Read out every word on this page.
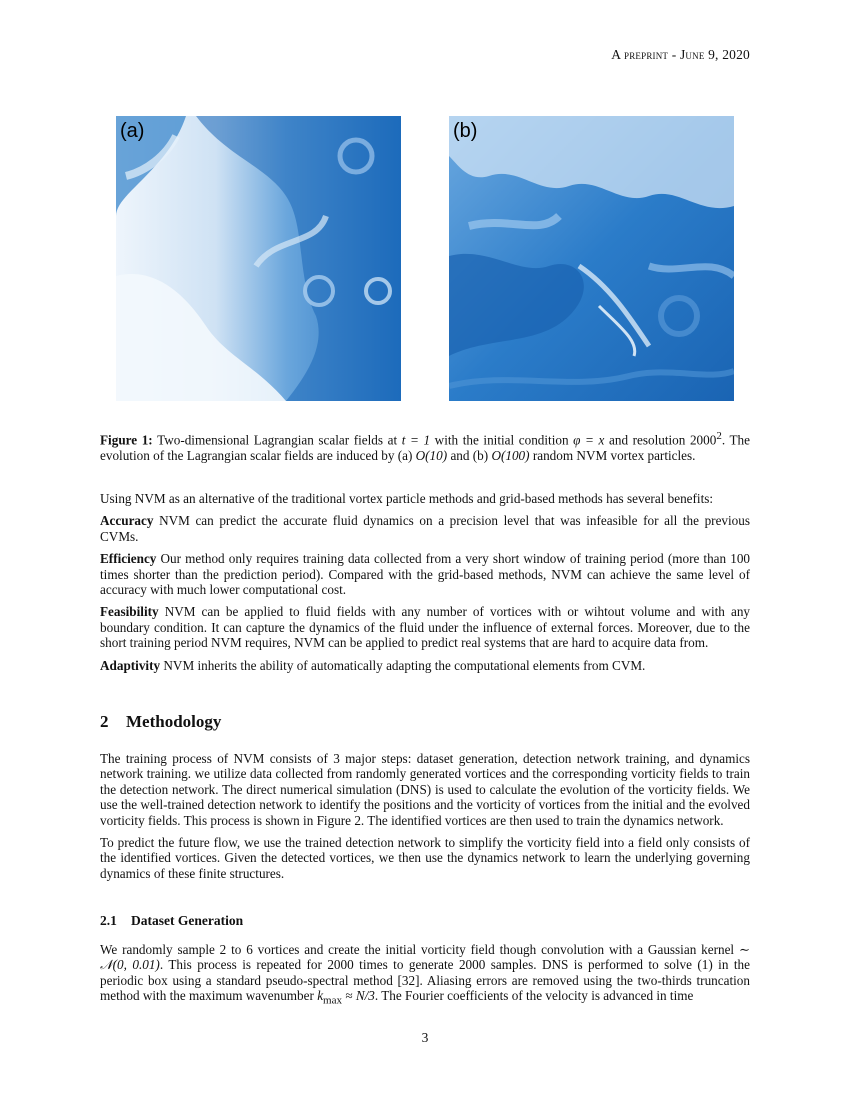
A preprint - June 9, 2020
(a)	(b)
Figure 1: Two-dimensional Lagrangian scalar fields at t = 1 with the initial condition φ = x and resolution 2000$^2$. The evolution of the Lagrangian scalar fields are induced by (a) O(10) and (b) O(100) random NVM vortex particles.

Using NVM as an alternative of the traditional vortex particle methods and grid-based methods has several benefits:

Accuracy NVM can predict the accurate fluid dynamics on a precision level that was infeasible for all the previous CVMs.

Efficiency Our method only requires training data collected from a very short window of training period (more than 100 times shorter than the prediction period). Compared with the grid-based methods, NVM can achieve the same level of accuracy with much lower computational cost.

Feasibility NVM can be applied to fluid fields with any number of vortices with or wihtout volume and with any boundary condition. It can capture the dynamics of the fluid under the influence of external forces. Moreover, due to the short training period NVM requires, NVM can be applied to predict real systems that are hard to acquire data from.

Adaptivity NVM inherits the ability of automatically adapting the computational elements from CVM.

2 Methodology

The training process of NVM consists of 3 major steps: dataset generation, detection network training, and dynamics network training. we utilize data collected from randomly generated vortices and the corresponding vorticity fields to train the detection network. The direct numerical simulation (DNS) is used to calculate the evolution of the vorticity fields. We use the well-trained detection network to identify the positions and the vorticity of vortices from the initial and the evolved vorticity fields. This process is shown in Figure 2. The identified vortices are then used to train the dynamics network.

To predict the future flow, we use the trained detection network to simplify the vorticity field into a field only consists of the identified vortices. Given the detected vortices, we then use the dynamics network to learn the underlying governing dynamics of these finite structures.

2.1 Dataset Generation

We randomly sample 2 to 6 vortices and create the initial vorticity field though convolution with a Gaussian kernel ∼ 𝒩(0, 0.01). This process is repeated for 2000 times to generate 2000 samples. DNS is performed to solve (1) in the periodic box using a standard pseudo-spectral method [32]. Aliasing errors are removed using the two-thirds truncation method with the maximum wavenumber $k_{max} \approx N/3$. The Fourier coefficients of the velocity is advanced in time

3
